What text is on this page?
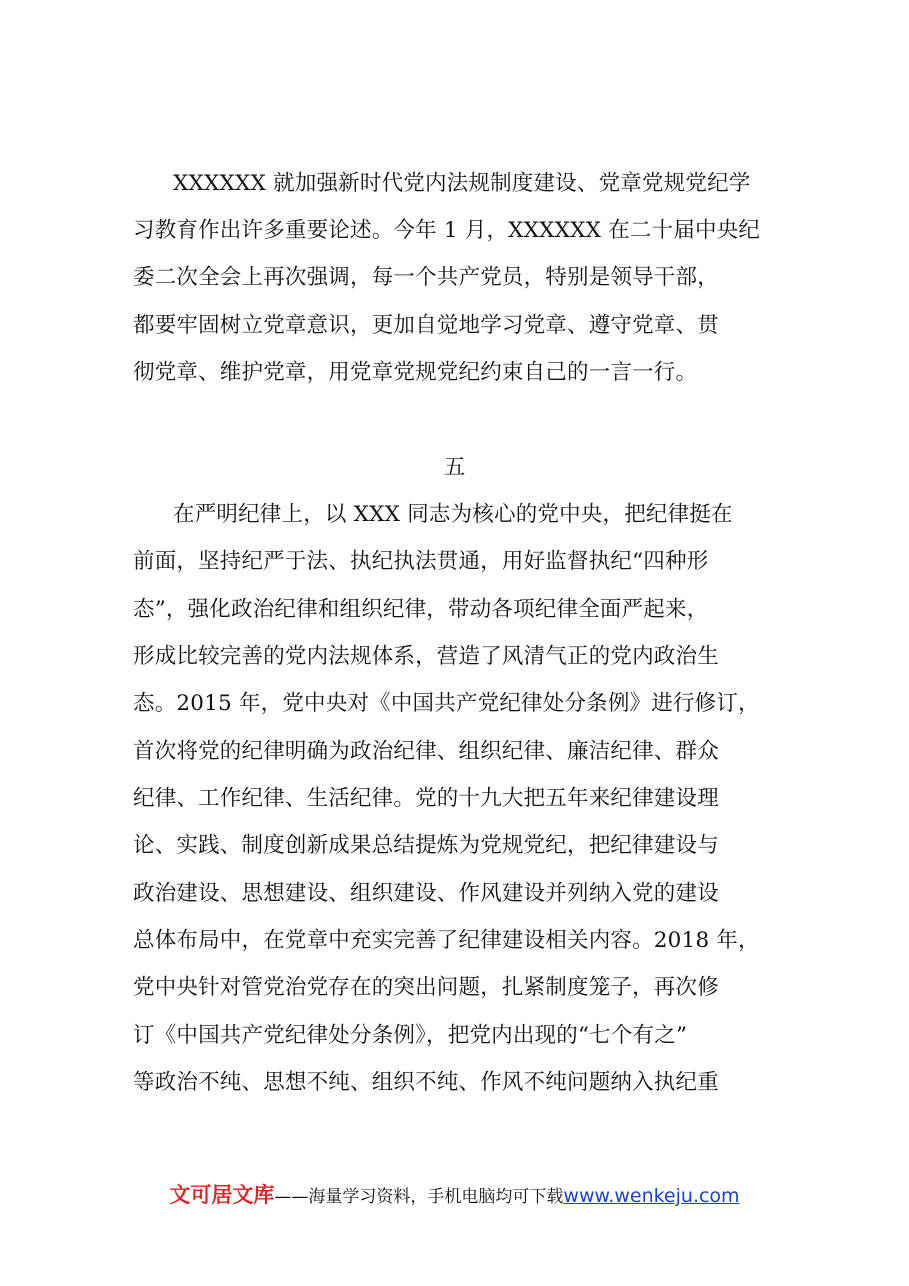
XXXXXX 就加强新时代党内法规制度建设、党章党规党纪学
习教育作出许多重要论述。今年 1 月，XXXXXX 在二十届中央纪
委二次全会上再次强调，每一个共产党员，特别是领导干部，
都要牢固树立党章意识，更加自觉地学习党章、遵守党章、贯
彻党章、维护党章，用党章党规党纪约束自己的一言一行。
五
在严明纪律上，以 XXX 同志为核心的党中央，把纪律挺在
前面，坚持纪严于法、执纪执法贯通，用好监督执纪“四种形
态”，强化政治纪律和组织纪律，带动各项纪律全面严起来，
形成比较完善的党内法规体系，营造了风清气正的党内政治生
态。2015 年，党中央对《中国共产党纪律处分条例》进行修订，
首次将党的纪律明确为政治纪律、组织纪律、廉洁纪律、群众
纪律、工作纪律、生活纪律。党的十九大把五年来纪律建设理
论、实践、制度创新成果总结提炼为党规党纪，把纪律建设与
政治建设、思想建设、组织建设、作风建设并列纳入党的建设
总体布局中，在党章中充实完善了纪律建设相关内容。2018 年，
党中央针对管党治党存在的突出问题，扎紧制度笼子，再次修
订《中国共产党纪律处分条例》，把党内出现的“七个有之”
等政治不纯、思想不纯、组织不纯、作风不纯问题纳入执纪重
文可居文库——海量学习资料，手机电脑均可下载www.wenkeju.com
